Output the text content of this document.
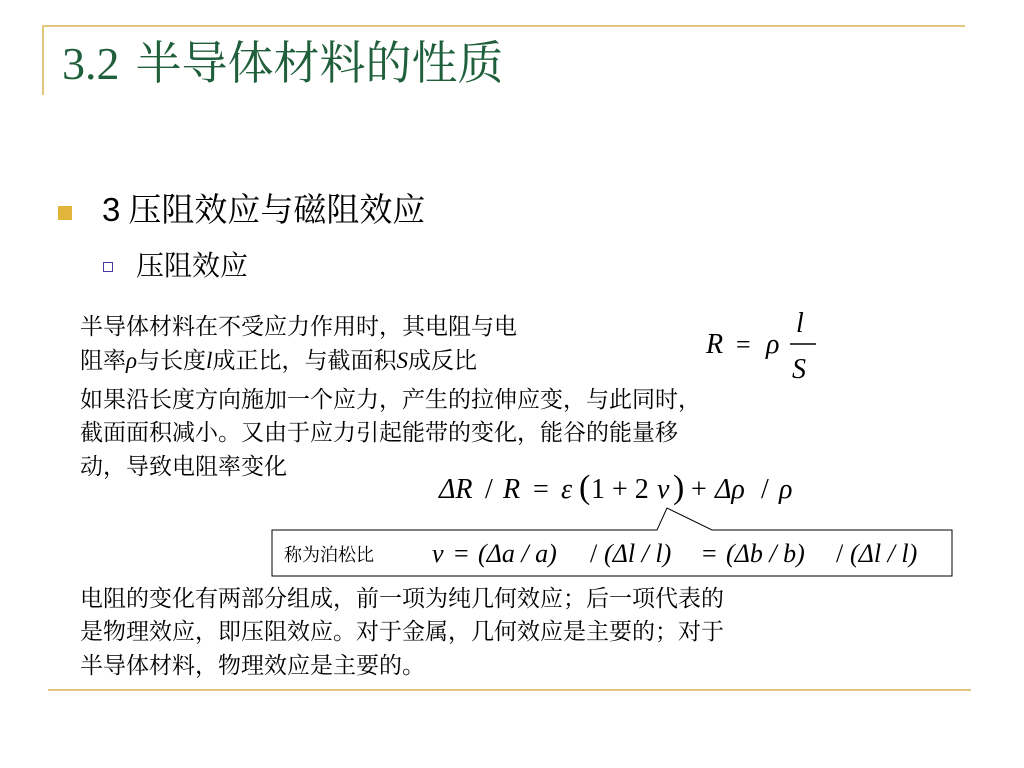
3.2 半导体材料的性质
3 压阻效应与磁阻效应
压阻效应
半导体材料在不受应力作用时，其电阻与电
阻率ρ与长度l成正比，与截面积S成反比
R = ρ
l
S

如果沿长度方向施加一个应力，产生的拉伸应变，与此同时，
截面面积减小。又由于应力引起能带的变化，能谷的能量移
动，导致电阻率变化

ΔR / R = ε ( 1 + 2 ν ) + Δρ / ρ
称为泊松比 ν = (Δa / a) / (Δl / l) = (Δb / b) / (Δl / l)

电阻的变化有两部分组成，前一项为纯几何效应；后一项代表的
是物理效应，即压阻效应。对于金属，几何效应是主要的；对于
半导体材料，物理效应是主要的。
